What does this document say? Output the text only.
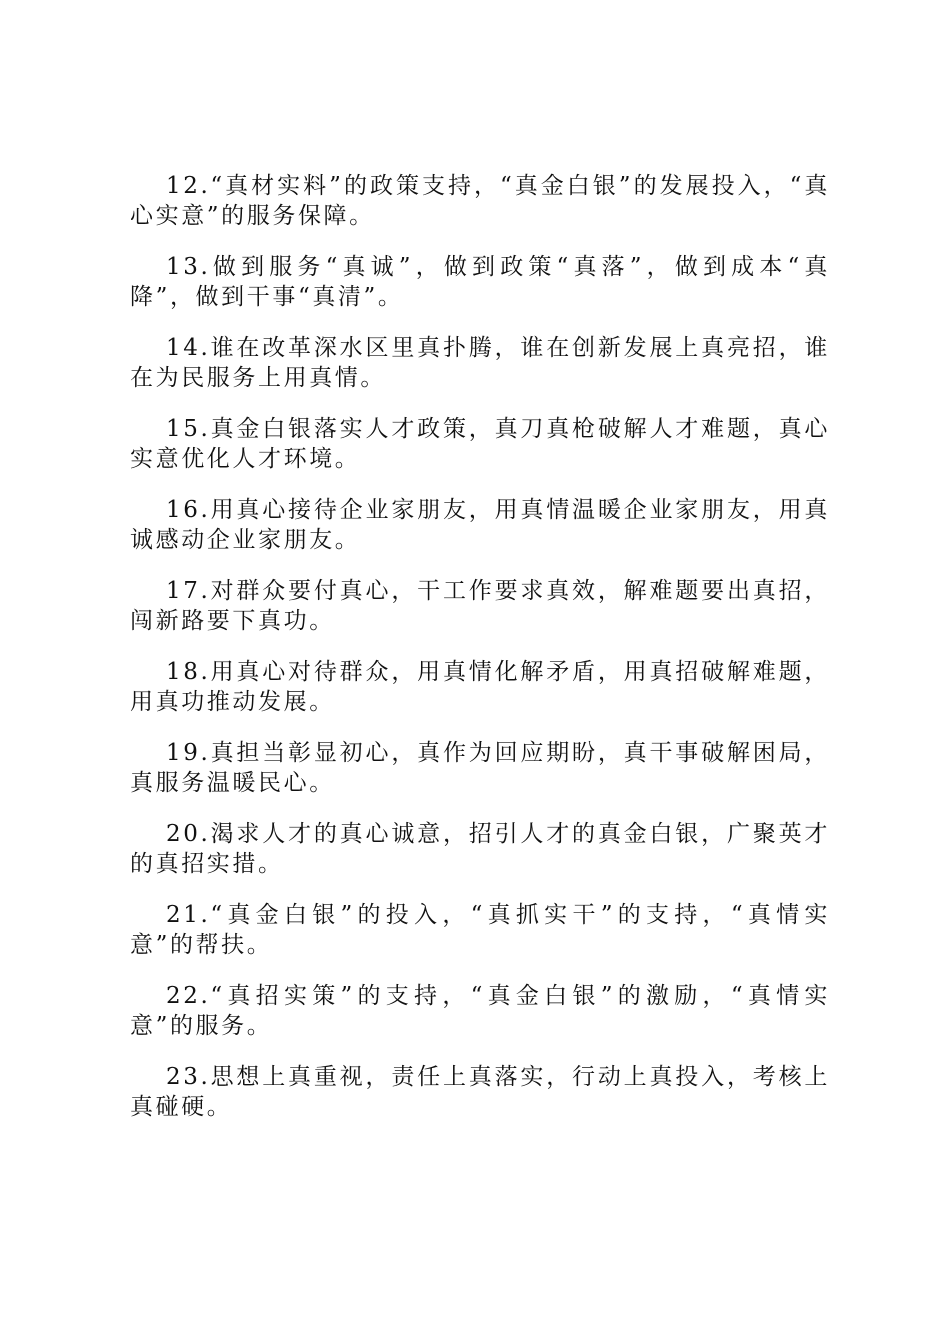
12.“真材实料”的政策支持，“真金白银”的发展投入，“真心实意”的服务保障。

13.做到服务“真诚”，做到政策“真落”，做到成本“真降”，做到干事“真清”。

14.谁在改革深水区里真扑腾，谁在创新发展上真亮招，谁在为民服务上用真情。

15.真金白银落实人才政策，真刀真枪破解人才难题，真心实意优化人才环境。

16.用真心接待企业家朋友，用真情温暖企业家朋友，用真诚感动企业家朋友。

17.对群众要付真心，干工作要求真效，解难题要出真招，闯新路要下真功。

18.用真心对待群众，用真情化解矛盾，用真招破解难题，用真功推动发展。

19.真担当彰显初心，真作为回应期盼，真干事破解困局，真服务温暖民心。

20.渴求人才的真心诚意，招引人才的真金白银，广聚英才的真招实措。

21.“真金白银”的投入，“真抓实干”的支持，“真情实意”的帮扶。

22.“真招实策”的支持，“真金白银”的激励，“真情实意”的服务。

23.思想上真重视，责任上真落实，行动上真投入，考核上真碰硬。
